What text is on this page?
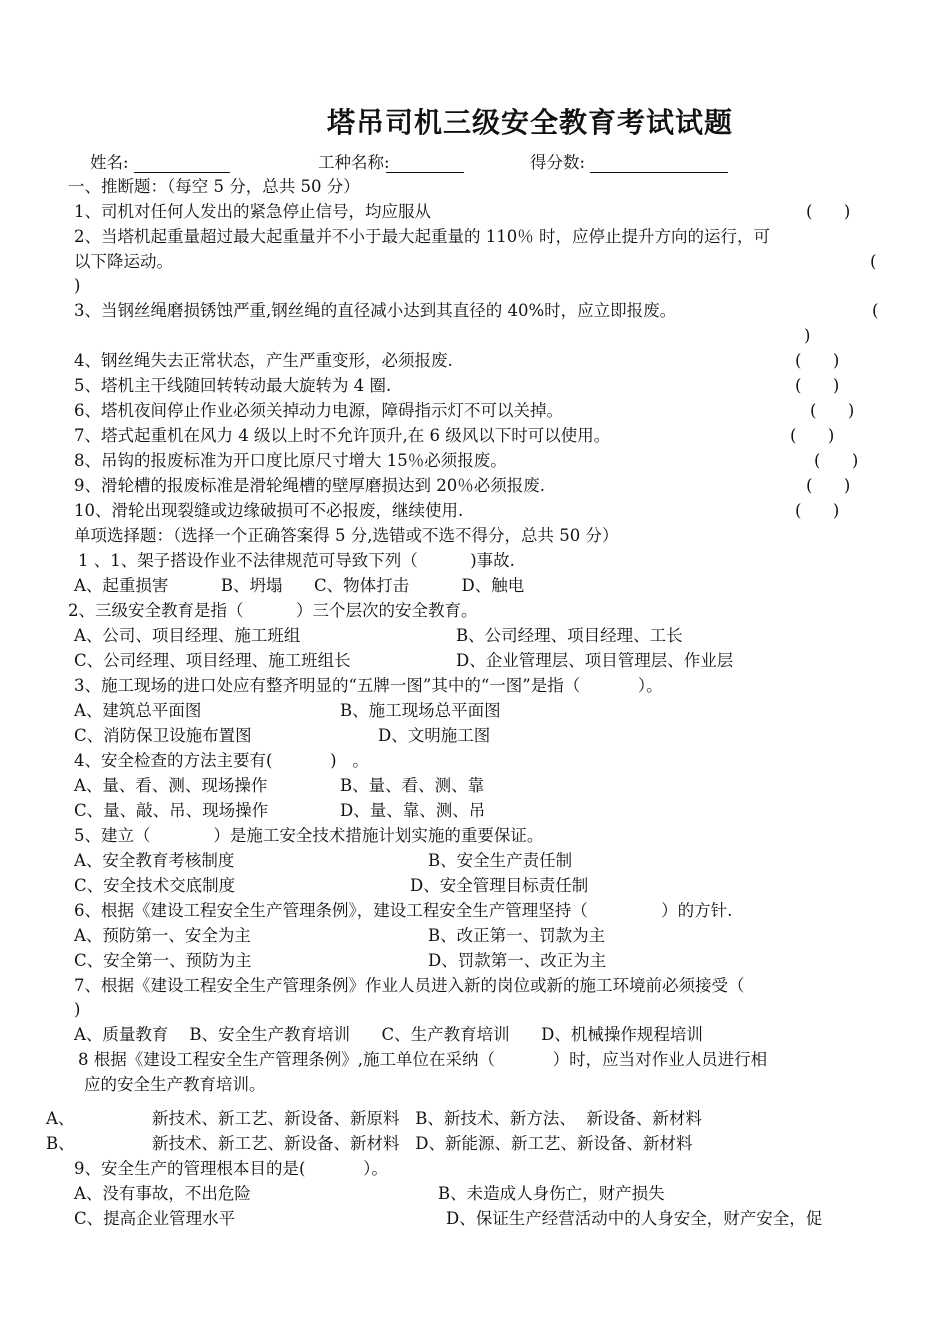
塔吊司机三级安全教育考试试题
姓名:	工种名称:	得分数:
一、推断题：（每空 5 分，总共 50 分）
1、司机对任何人发出的紧急停止信号，均应服从	(      )
2、当塔机起重量超过最大起重量并不小于最大起重量的 110％ 时，应停止提升方向的运行，可
以下降运动。	(
)
3、当钢丝绳磨损锈蚀严重,钢丝绳的直径减小达到其直径的 40%时，应立即报废。	(
)
4、钢丝绳失去正常状态，产生严重变形，必须报废.	(      )
5、塔机主干线随回转转动最大旋转为 4 圈.	(      )
6、塔机夜间停止作业必须关掉动力电源，障碍指示灯不可以关掉。	(      )
7、塔式起重机在风力 4 级以上时不允许顶升,在 6 级风以下时可以使用。	(      )
8、吊钩的报废标准为开口度比原尺寸增大 15％必须报废。	(      )
9、滑轮槽的报废标准是滑轮绳槽的壁厚磨损达到 20％必须报废.	(      )
10、滑轮出现裂缝或边缘破损可不必报废，继续使用.	(      )
单项选择题：（选择一个正确答案得 5 分,选错或不选不得分，总共 50 分）
1 、1、架子搭设作业不法律规范可导致下列（          )事故.
A、起重损害          B、坍塌      C、物体打击          D、触电
2、三级安全教育是指（          ）三个层次的安全教育。
A、公司、项目经理、施工班组	B、公司经理、项目经理、工长
C、公司经理、项目经理、施工班组长	D、企业管理层、项目管理层、作业层
3、施工现场的进口处应有整齐明显的“五牌一图”其中的“一图”是指（           ）。
A、建筑总平面图	B、施工现场总平面图
C、消防保卫设施布置图	D、文明施工图
4、安全检查的方法主要有(           )   。
A、量、看、测、现场操作	B、量、看、测、靠
C、量、敲、吊、现场操作	D、量、靠、测、吊
5、建立（            ）是施工安全技术措施计划实施的重要保证。
A、安全教育考核制度	B、安全生产责任制
C、安全技术交底制度	D、安全管理目标责任制
6、根据《建设工程安全生产管理条例》，建设工程安全生产管理坚持（              ）的方针.
A、预防第一、安全为主	B、改正第一、罚款为主
C、安全第一、预防为主	D、罚款第一、改正为主
7、根据《建设工程安全生产管理条例》作业人员进入新的岗位或新的施工环境前必须接受（
)
A、质量教育    B、安全生产教育培训      C、生产教育培训      D、机械操作规程培训
8 根据《建设工程安全生产管理条例》,施工单位在采纳（           ）时，应当对作业人员进行相
应的安全生产教育培训。
A、	新技术、新工艺、新设备、新原料   B、新技术、新方法、  新设备、新材料
B、	新技术、新工艺、新设备、新材料   D、新能源、新工艺、新设备、新材料
9、安全生产的管理根本目的是(           ）。
A、没有事故，不出危险	B、未造成人身伤亡，财产损失
C、提高企业管理水平	D、保证生产经营活动中的人身安全，财产安全，促
